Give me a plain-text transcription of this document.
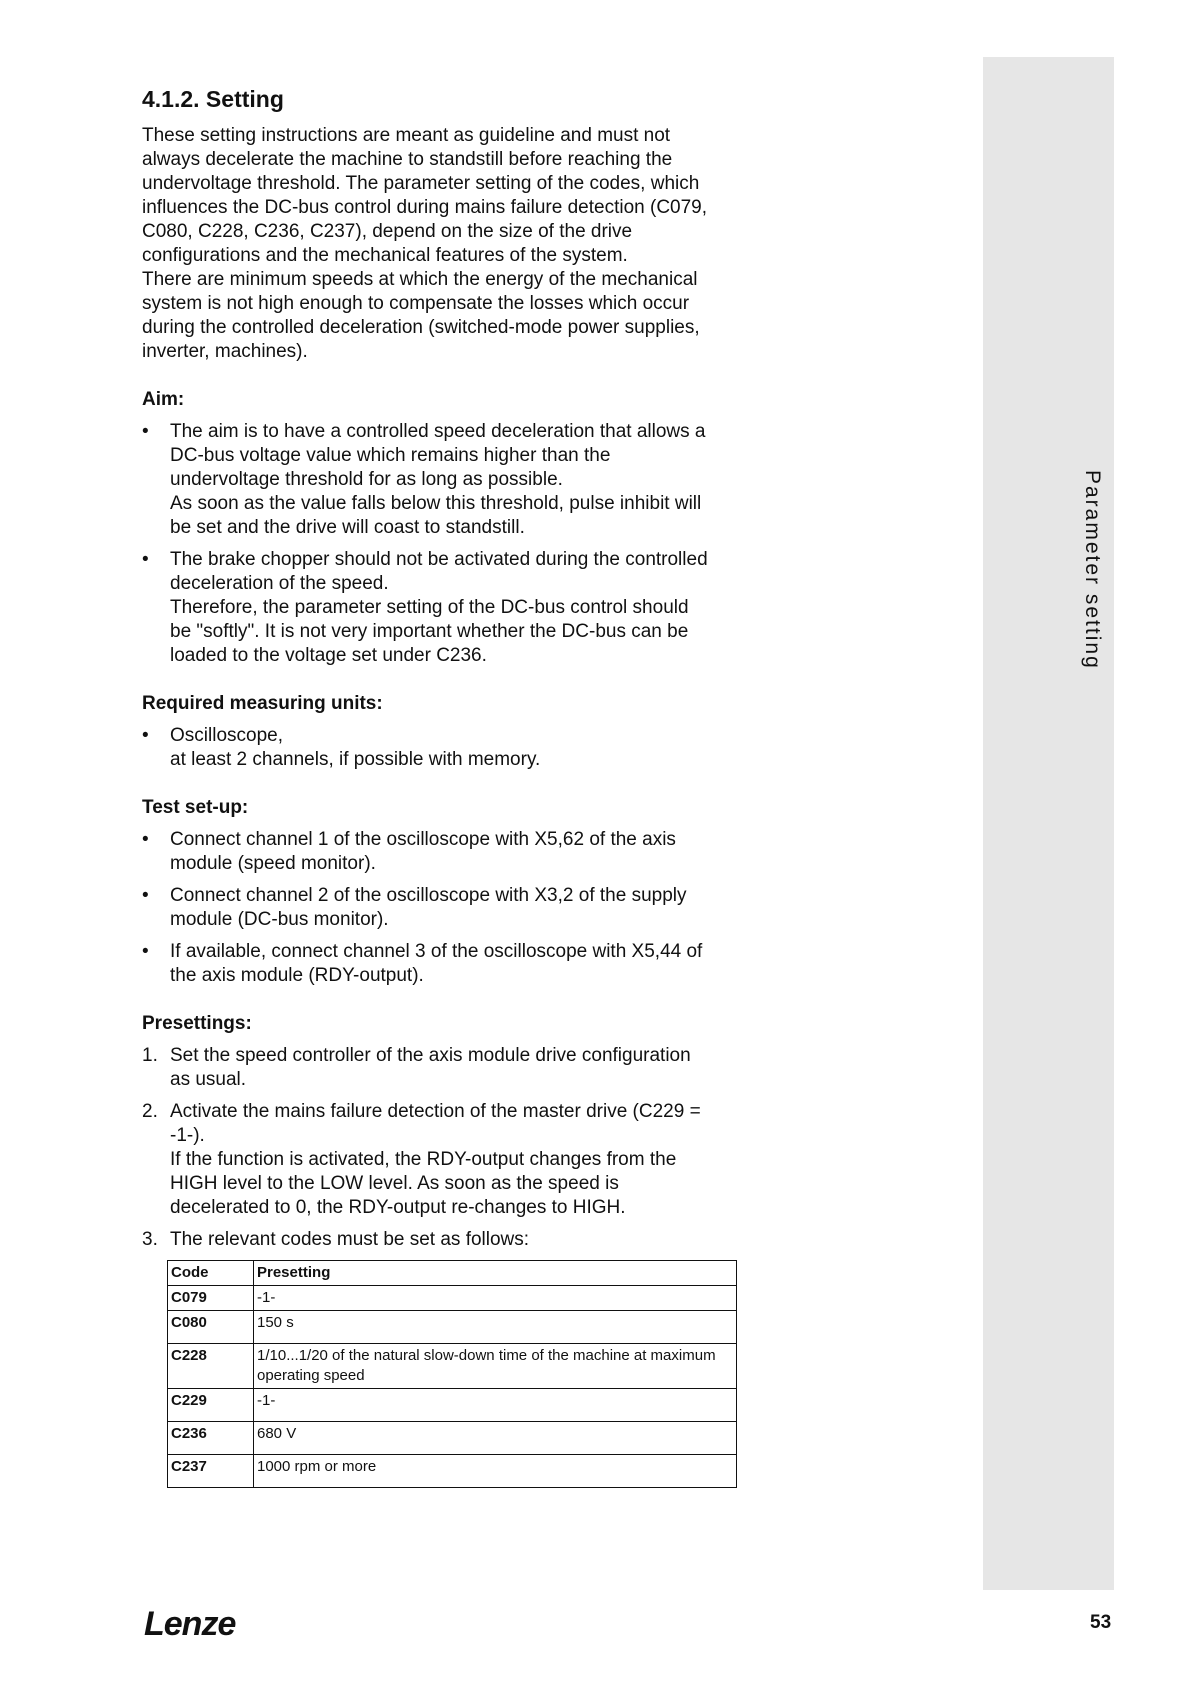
Parameter setting
4.1.2. Setting

These setting instructions are meant as guideline and must not
always decelerate the machine to standstill before reaching the
undervoltage threshold. The parameter setting of the codes, which
influences the DC-bus control during mains failure detection (C079,
C080, C228, C236, C237), depend on the size of the drive
configurations and the mechanical features of the system.
There are minimum speeds at which the energy of the mechanical
system is not high enough to compensate the losses which occur
during the controlled deceleration (switched-mode power supplies,
inverter, machines).

Aim:
• The aim is to have a controlled speed deceleration that allows a
DC-bus voltage value which remains higher than the
undervoltage threshold for as long as possible.
As soon as the value falls below this threshold, pulse inhibit will
be set and the drive will coast to standstill.
• The brake chopper should not be activated during the controlled
deceleration of the speed.
Thereforе, the parameter setting of the DC-bus control should
be "softly". It is not very important whether the DC-bus can be
loaded to the voltage set under C236.
Required measuring units:
• Oscilloscope,
at least 2 channels, if possible with memory.
Test set-up:
• Connect channel 1 of the oscilloscope with X5,62 of the axis
module (speed monitor).
• Connect channel 2 of the oscilloscope with X3,2 of the supply
module (DC-bus monitor).
• If available, connect channel 3 of the oscilloscope with X5,44 of
the axis module (RDY-output).
Presettings:
1. Set the speed controller of the axis module drive configuration
as usual.
2. Activate the mains failure detection of the master drive (C229 =
-1-).
If the function is activated, the RDY-output changes from the
HIGH level to the LOW level. As soon as the speed is
decelerated to 0, the RDY-output re-changes to HIGH.
3. The relevant codes must be set as follows:
Code	Presetting
C079	-1-
C080	150 s
C228	1/10...1/20 of the natural slow-down time of the machine at maximum operating speed
C229	-1-
C236	680 V
C237	1000 rpm or more
Lenze	53
